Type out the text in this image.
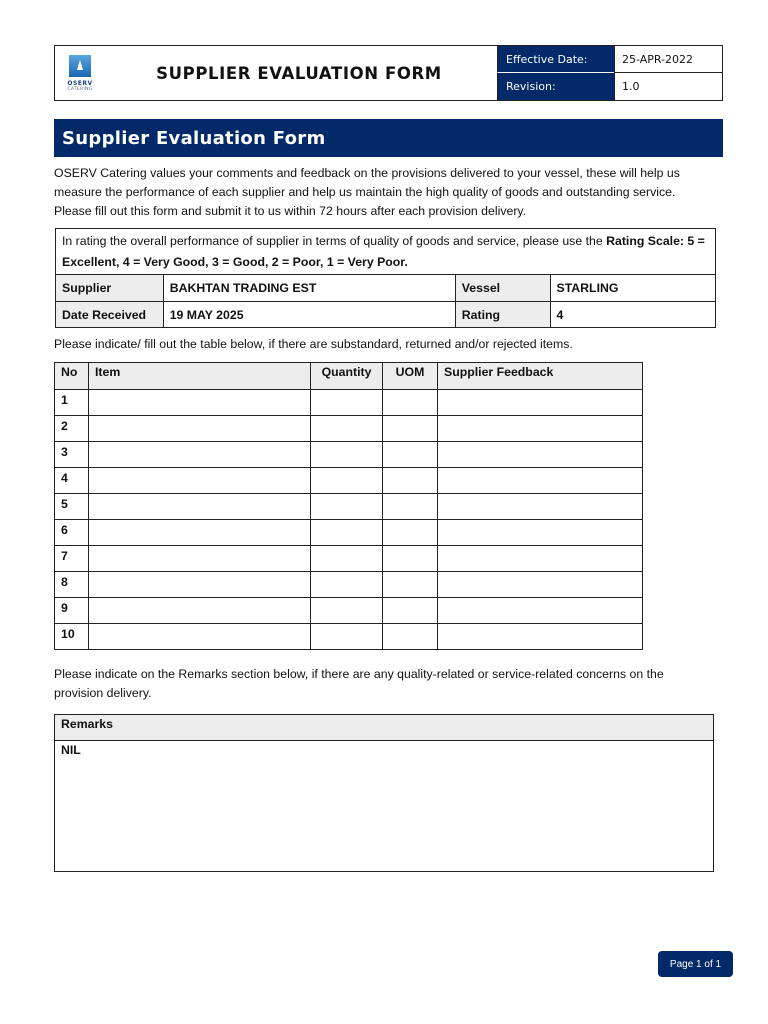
OSERV
CATERING
SUPPLIER EVALUATION FORM
Effective Date:	25-APR-2022
Revision:	1.0
Supplier Evaluation Form
OSERV Catering values your comments and feedback on the provisions delivered to your vessel, these will help us measure the performance of each supplier and help us maintain the high quality of goods and outstanding service. Please fill out this form and submit it to us within 72 hours after each provision delivery.
In rating the overall performance of supplier in terms of quality of goods and service, please use the Rating Scale: 5 = Excellent, 4 = Very Good, 3 = Good, 2 = Poor, 1 = Very Poor.
Supplier	BAKHTAN TRADING EST	Vessel	STARLING
Date Received	19 MAY 2025	Rating	4
Please indicate/ fill out the table below, if there are substandard, returned and/or rejected items.
No	Item	Quantity	UOM	Supplier Feedback
1
2
3
4
5
6
7
8
9
10
Please indicate on the Remarks section below, if there are any quality-related or service-related concerns on the provision delivery.
Remarks
NIL
Page 1 of 1
